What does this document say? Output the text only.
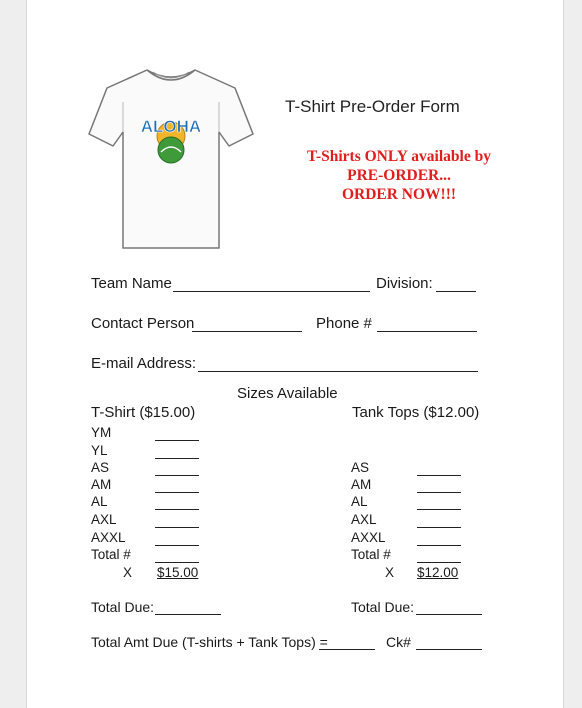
ALOHA
T-Shirt Pre-Order Form
T-Shirts ONLY available by
PRE-ORDER...
ORDER NOW!!!
Team Name	Division:
Contact Person	Phone #
E-mail Address:
Sizes Available
T-Shirt ($15.00)
YM
YL
AS
AM
AL
AXL
AXXL
Total #
X $15.00
Tank Tops ($12.00)
AS
AM
AL
AXL
AXXL
Total #
X $12.00
Total Due:	Total Due:
Total Amt Due (T-shirts + Tank Tops) =	Ck#
